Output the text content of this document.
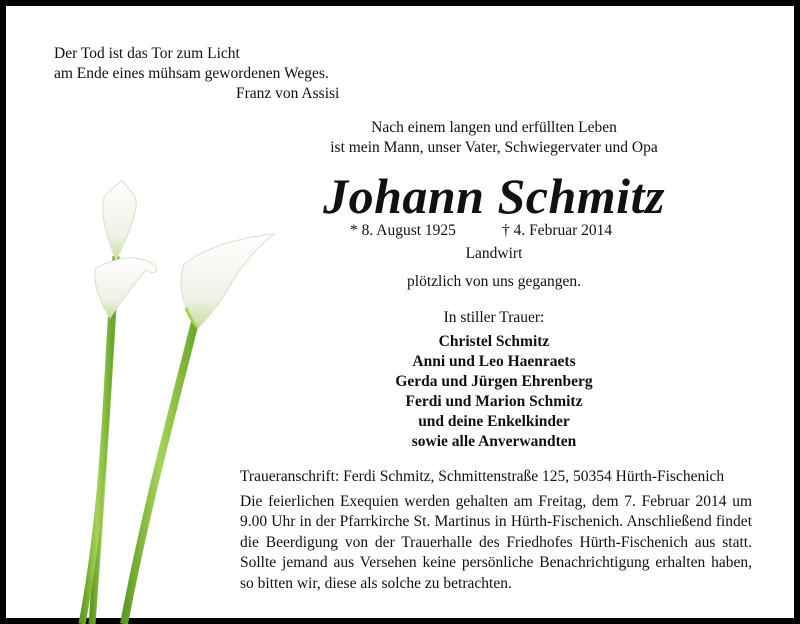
Der Tod ist das Tor zum Licht
am Ende eines mühsam gewordenen Weges.
Franz von Assisi
Nach einem langen und erfüllten Leben
ist mein Mann, unser Vater, Schwiegervater und Opa
Johann Schmitz
* 8. August 1925	† 4. Februar 2014
Landwirt
plötzlich von uns gegangen.
In stiller Trauer:
Christel Schmitz
Anni und Leo Haenraets
Gerda und Jürgen Ehrenberg
Ferdi und Marion Schmitz
und deine Enkelkinder
sowie alle Anverwandten
Traueranschrift: Ferdi Schmitz, Schmittenstraße 125, 50354 Hürth-Fischenich
Die feierlichen Exequien werden gehalten am Freitag, dem 7. Februar 2014 um 9.00 Uhr in der Pfarrkirche St. Martinus in Hürth-Fischenich. Anschließend findet die Beerdigung von der Trauerhalle des Friedhofes Hürth-Fischenich aus statt. Sollte jemand aus Versehen keine persönliche Benachrichtigung erhalten haben, so bitten wir, diese als solche zu betrachten.
